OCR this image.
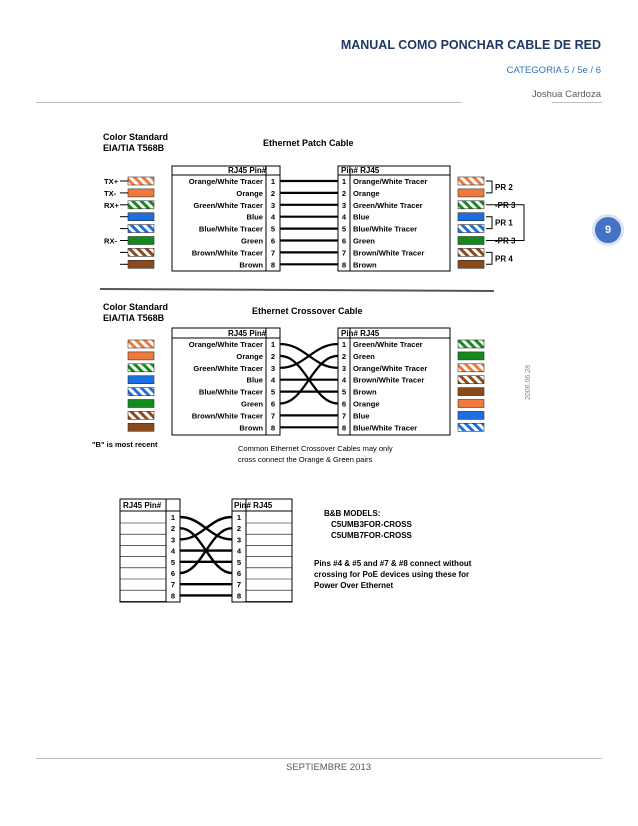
MANUAL COMO PONCHAR CABLE DE RED
CATEGORIA 5 / 5e / 6
Joshua Cardoza
9
Color Standard
EIA/TIA T568B	Ethernet Patch Cable
RJ45 Pin#	Pin# RJ45
Orange/White Tracer 1	1 Orange/White Tracer
TX+
Orange 2	2 Orange
TX-
Green/White Tracer 3	3 Green/White Tracer
RX+
Blue 4	4 Blue
Blue/White Tracer 5	5 Blue/White Tracer
Green 6	6 Green
RX-
Brown/White Tracer 7	7 Brown/White Tracer
Brown 8	8 Brown
PR 2
-PR 3
-PR 3
PR 1
PR 4
Color Standard
EIA/TIA T568B
Ethernet Crossover Cable
RJ45 Pin#	Pin# RJ45
Orange/White Tracer 1	1 Green/White Tracer
Orange 2	2 Green
Green/White Tracer 3	3 Orange/White Tracer
Blue 4	4 Brown/White Tracer
Blue/White Tracer 5	5 Brown
Green 6	6 Orange
Brown/White Tracer 7	7 Blue
Brown 8	8 Blue/White Tracer
"B" is most recent	Common Ethernet Crossover Cables may only
cross connect the Orange & Green pairs
RJ45 Pin#	Pin# RJ45
1	1
2	2
3	3
4	4
5	5
6	6
7	7
8	8
B&B MODELS:
C5UMB3FOR-CROSS
C5UMB7FOR-CROSS
Pins #4 & #5 and #7 & #8 connect without
crossing for PoE devices using these for
Power Over Ethernet
2006.06.28
SEPTIEMBRE 2013
